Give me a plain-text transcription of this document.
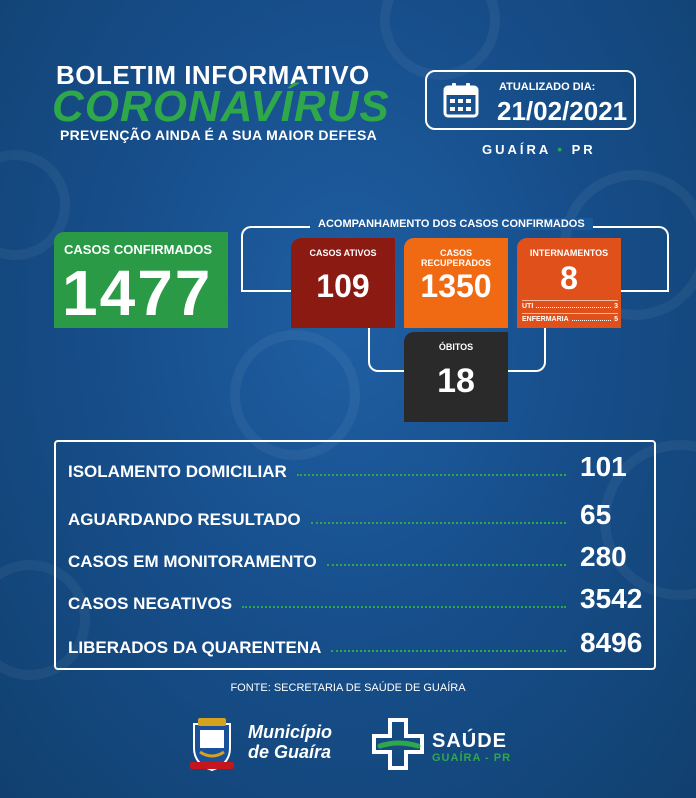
BOLETIM INFORMATIVO
CORONAVÍRUS
PREVENÇÃO AINDA É A SUA MAIOR DEFESA
ATUALIZADO DIA:
21/02/2021
GUAÍRA • PR
CASOS CONFIRMADOS
1477
ACOMPANHAMENTO DOS CASOS CONFIRMADOS
CASOS ATIVOS
109
CASOS RECUPERADOS
1350
INTERNAMENTOS
8
UTI	3
ENFERMARIA	5
ÓBITOS
18
ISOLAMENTO DOMICILIAR	101
AGUARDANDO RESULTADO	65
CASOS EM MONITORAMENTO	280
CASOS NEGATIVOS	3542
LIBERADOS DA QUARENTENA	8496
FONTE: SECRETARIA DE SAÚDE DE GUAÍRA
Município
de Guaíra	SAÚDE
GUAÍRA - PR
